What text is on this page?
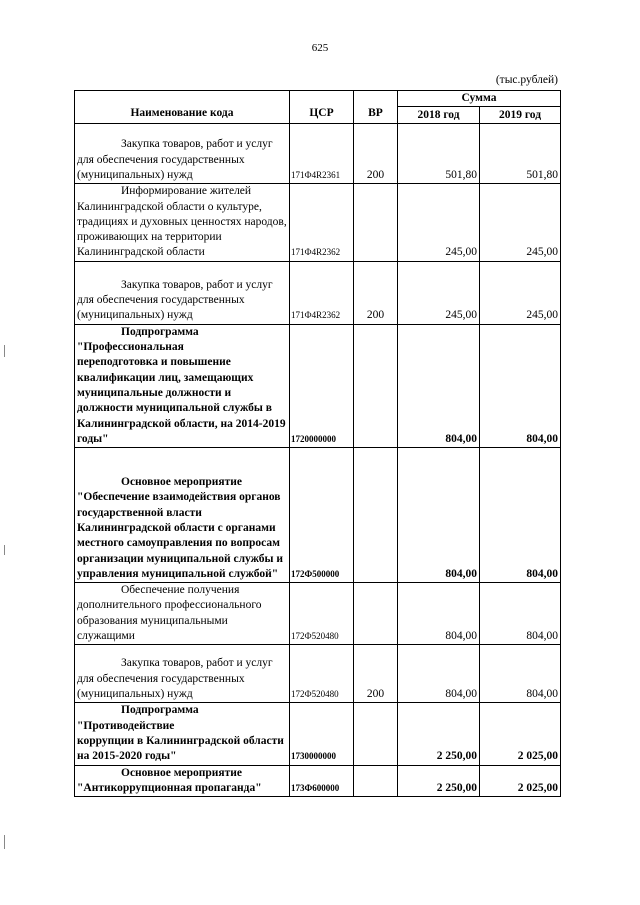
625
(тыс.рублей)
Наименование кода	ЦСР	ВР	Сумма	
			2018 год	2019 год

Закупка товаров, работ и услуг
для обеспечения государственных (муниципальных) нужд	171Ф4R2361	200	501,80	501,80

Информирование жителей
Калининградской области о культуре, традициях и духовных ценностях народов, проживающих на территории Калининградской области	171Ф4R2362		245,00	245,00

Закупка товаров, работ и услуг
для обеспечения государственных (муниципальных) нужд	171Ф4R2362	200	245,00	245,00

Подпрограмма "Профессиональная
переподготовка и повышение квалификации лиц, замещающих муниципальные должности и должности муниципальной службы в Калининградской области, на 2014-2019 годы"	1720000000		804,00	804,00

Основное мероприятие
"Обеспечение взаимодействия органов государственной власти Калининградской области с органами местного самоуправления по вопросам организации муниципальной службы и управления муниципальной службой"	172Ф500000		804,00	804,00

Обеспечение получения
дополнительного профессионального образования муниципальными служащими	172Ф520480		804,00	804,00

Закупка товаров, работ и услуг
для обеспечения государственных (муниципальных) нужд	172Ф520480	200	804,00	804,00

Подпрограмма "Противодействие
коррупции в Калининградской области на 2015-2020 годы"	1730000000		2 250,00	2 025,00

Основное мероприятие
"Антикоррупционная пропаганда"	173Ф600000		2 250,00	2 025,00
